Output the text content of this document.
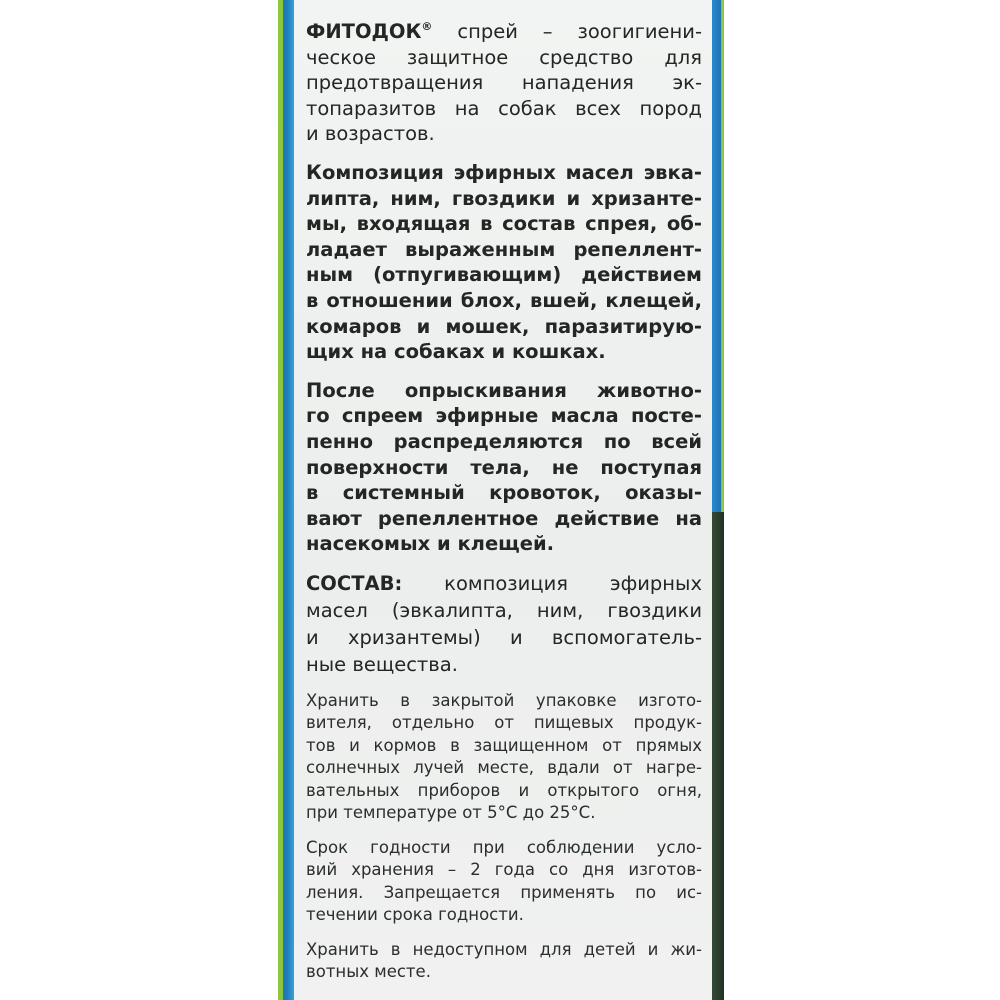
ФИТОДОК® спрей – зоогигиени-
ческое защитное средство для
предотвращения нападения эк-
топаразитов на собак всех пород
и возрастов.
Композиция эфирных масел эвка-
липта, ним, гвоздики и хризанте-
мы, входящая в состав спрея, об-
ладает выраженным репеллент-
ным (отпугивающим) действием
в отношении блох, вшей, клещей,
комаров и мошек, паразитирую-
щих на собаках и кошках.
После опрыскивания животно-
го спреем эфирные масла посте-
пенно распределяются по всей
поверхности тела, не поступая
в системный кровоток, оказы-
вают репеллентное действие на
насекомых и клещей.
СОСТАВ: композиция эфирных
масел (эвкалипта, ним, гвоздики
и хризантемы) и вспомогатель-
ные вещества.
Хранить в закрытой упаковке изгото-
вителя, отдельно от пищевых продук-
тов и кормов в защищенном от прямых
солнечных лучей месте, вдали от нагре-
вательных приборов и открытого огня,
при температуре от 5°С до 25°С.
Срок годности при соблюдении усло-
вий хранения – 2 года со дня изготов-
ления. Запрещается применять по ис-
течении срока годности.
Хранить в недоступном для детей и жи-
вотных месте.
